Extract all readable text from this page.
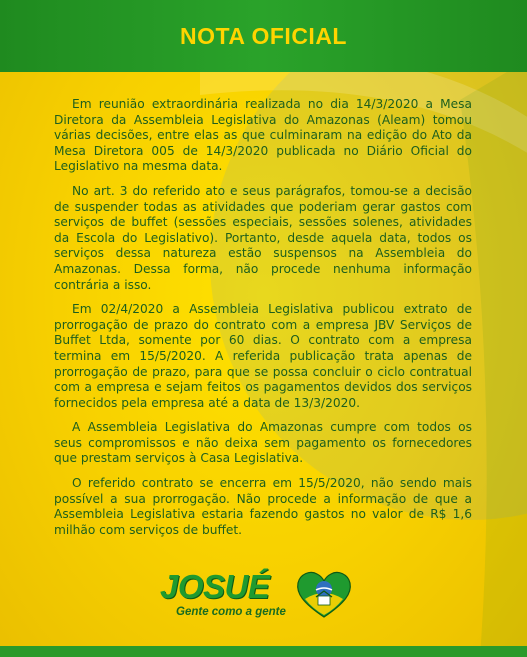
NOTA OFICIAL

Em reunião extraordinária realizada no dia 14/3/2020 a Mesa Diretora da Assembleia Legislativa do Amazonas (Aleam) tomou várias decisões, entre elas as que culminaram na edição do Ato da Mesa Diretora 005 de 14/3/2020 publicada no Diário Oficial do Legislativo na mesma data.

No art. 3 do referido ato e seus parágrafos, tomou-se a decisão de suspender todas as atividades que poderiam gerar gastos com serviços de buffet (sessões especiais, sessões solenes, atividades da Escola do Legislativo). Portanto, desde aquela data, todos os serviços dessa natureza estão suspensos na Assembleia do Amazonas. Dessa forma, não procede nenhuma informação contrária a isso.

Em 02/4/2020 a Assembleia Legislativa publicou extrato de prorrogação de prazo do contrato com a empresa JBV Serviços de Buffet Ltda, somente por 60 dias. O contrato com a empresa termina em 15/5/2020. A referida publicação trata apenas de prorrogação de prazo, para que se possa concluir o ciclo contratual com a empresa e sejam feitos os pagamentos devidos dos serviços fornecidos pela empresa até a data de 13/3/2020.

A Assembleia Legislativa do Amazonas cumpre com todos os seus compromissos e não deixa sem pagamento os fornecedores que prestam serviços à Casa Legislativa.

O referido contrato se encerra em 15/5/2020, não sendo mais possível a sua prorrogação. Não procede a informação de que a Assembleia Legislativa estaria fazendo gastos no valor de R$ 1,6 milhão com serviços de buffet.

JOSUÉ
Gente como a gente
